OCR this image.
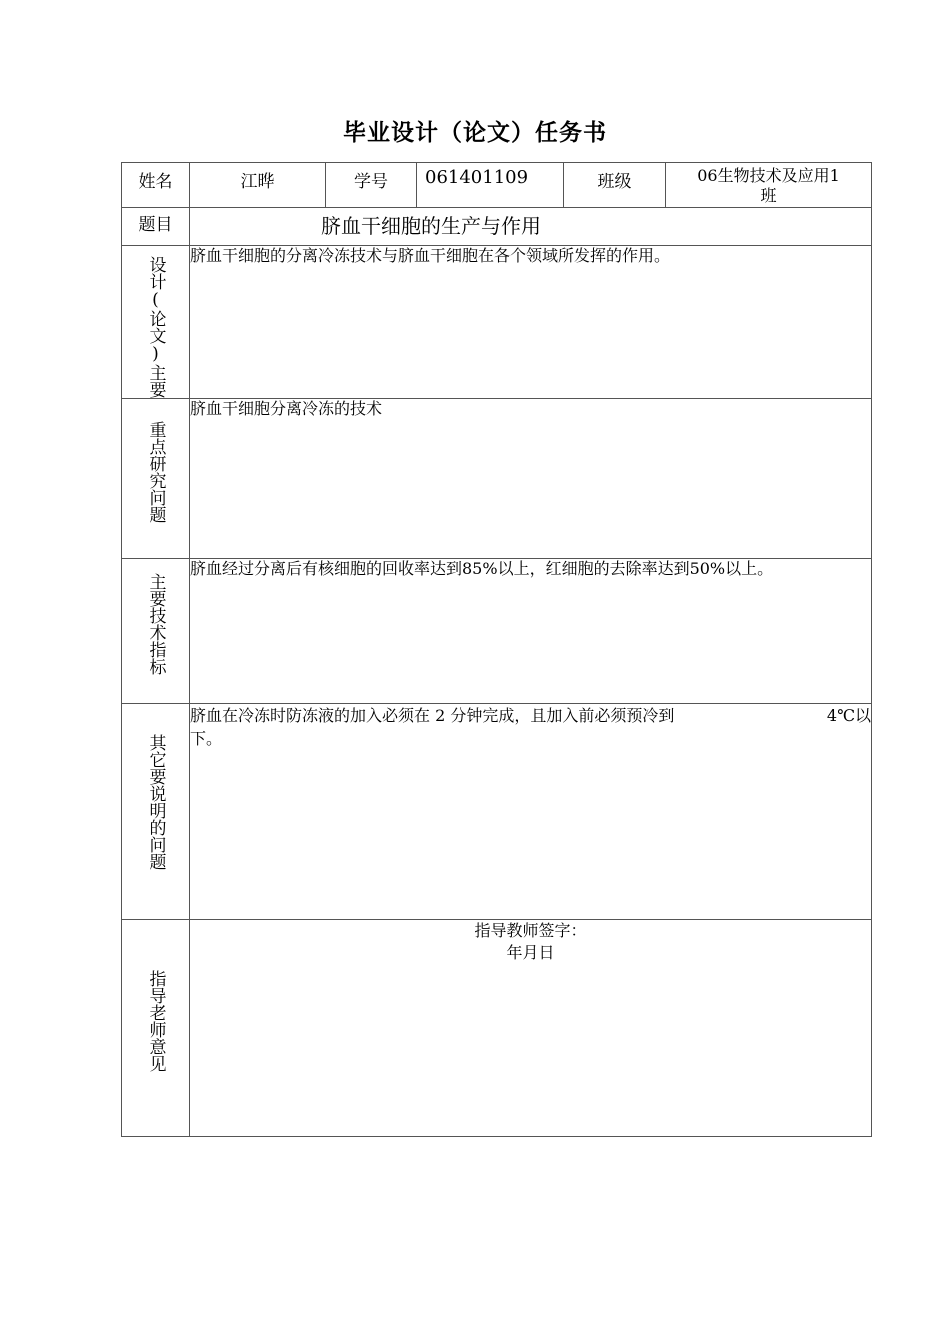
毕业设计（论文）任务书
姓名	江晔	学号	061401109	班级	06生物技术及应用1
班

题目	脐血干细胞的生产与作用				

设计(论文)主要	脐血干细胞的分离冷冻技术与脐血干细胞在各个领域所发挥的作用。				

重点研究问题	脐血干细胞分离冷冻的技术				

主要技术指标	脐血经过分离后有核细胞的回收率达到85%以上，红细胞的去除率达到50%以上。				

其它要说明的问题	脐血在冷冻时防冻液的加入必须在 2 分钟完成，且加入前必须预冷到 4℃以
下。				

指导老师意见	指导教师签字：
年月日				
